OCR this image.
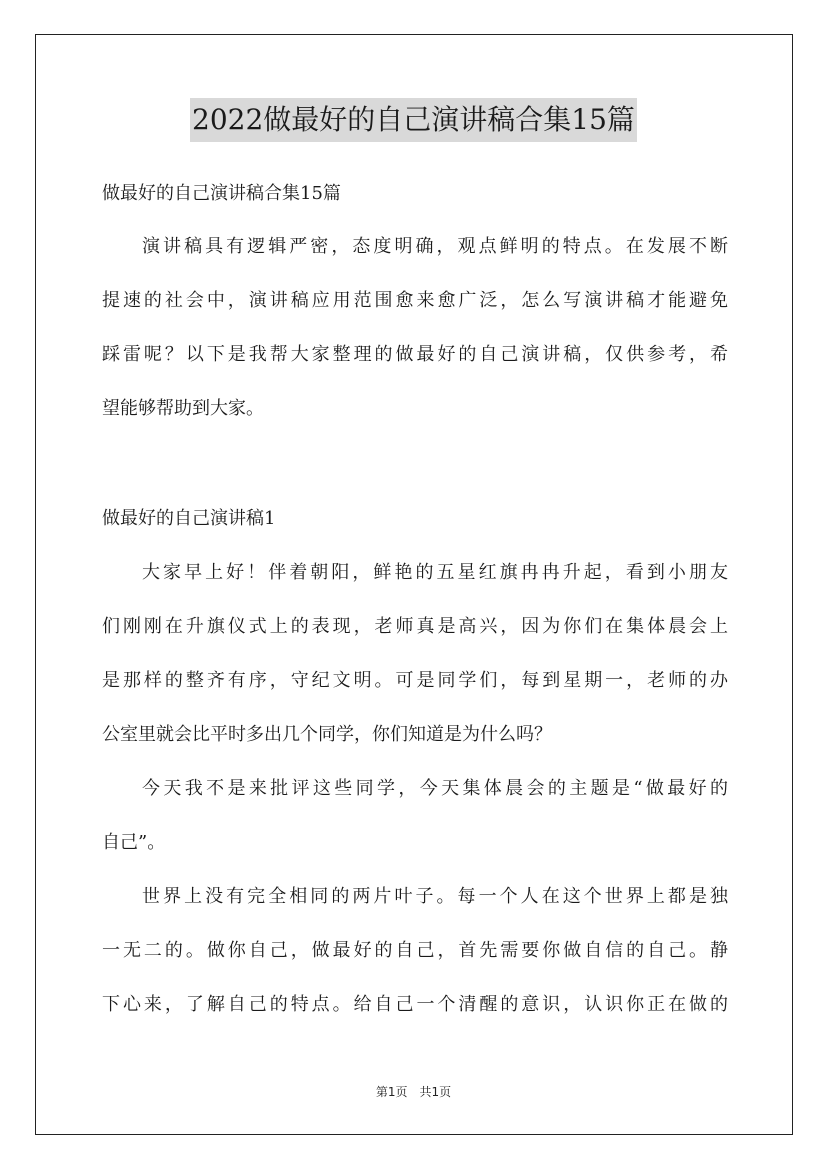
2022做最好的自己演讲稿合集15篇
做最好的自己演讲稿合集15篇
演讲稿具有逻辑严密，态度明确，观点鲜明的特点。在发展不断
提速的社会中，演讲稿应用范围愈来愈广泛，怎么写演讲稿才能避免
踩雷呢？以下是我帮大家整理的做最好的自己演讲稿，仅供参考，希
望能够帮助到大家。
做最好的自己演讲稿1
大家早上好！伴着朝阳，鲜艳的五星红旗冉冉升起，看到小朋友
们刚刚在升旗仪式上的表现，老师真是高兴，因为你们在集体晨会上
是那样的整齐有序，守纪文明。可是同学们，每到星期一，老师的办
公室里就会比平时多出几个同学，你们知道是为什么吗？
今天我不是来批评这些同学，今天集体晨会的主题是“做最好的
自己”。
世界上没有完全相同的两片叶子。每一个人在这个世界上都是独
一无二的。做你自己，做最好的自己，首先需要你做自信的自己。静
下心来，了解自己的特点。给自己一个清醒的意识，认识你正在做的
第1页　共1页
